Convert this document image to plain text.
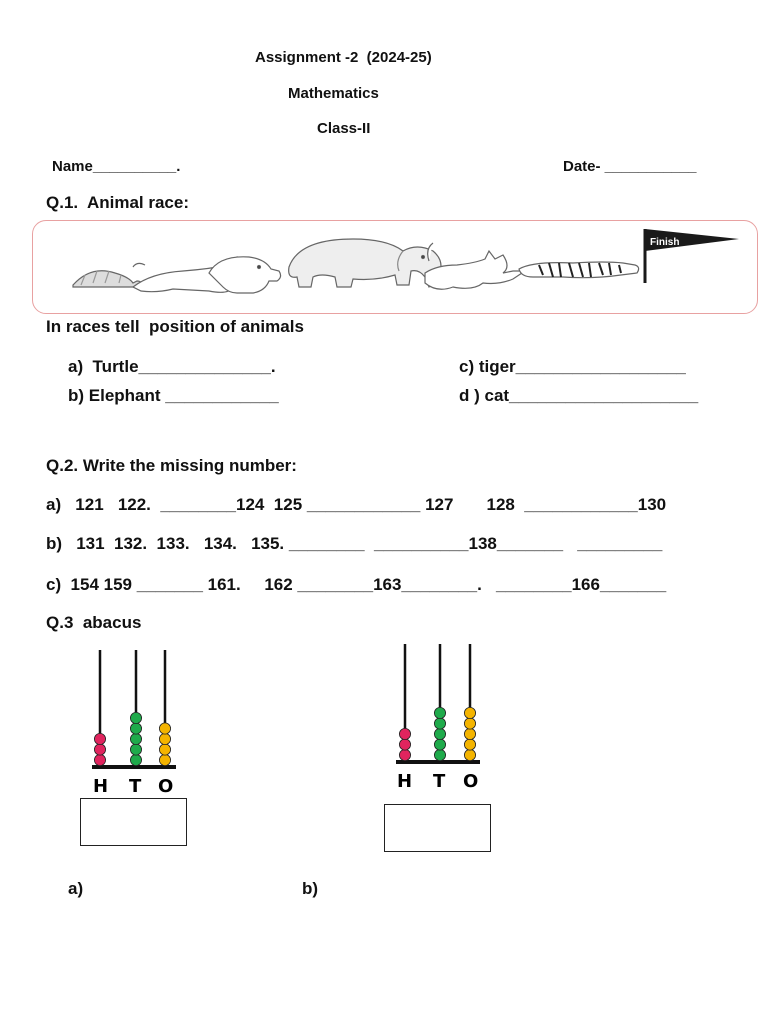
Assignment -2  (2024-25)
Mathematics
Class-II
Name__________.	Date- ___________
Q.1.  Animal race:
Finish
In races tell  position of animals
a)  Turtle______________.
b) Elephant ____________
c) tiger__________________
d ) cat____________________
Q.2. Write the missing number:
a)   121   122.  ________124  125 ____________ 127       128  ____________130
b)   131  132.  133.   134.   135. ________  __________138_______   _________
c)  154 159 _______ 161.     162 ________163________.   ________166_______
Q.3  abacus
H T O
a)
H T O
b)
